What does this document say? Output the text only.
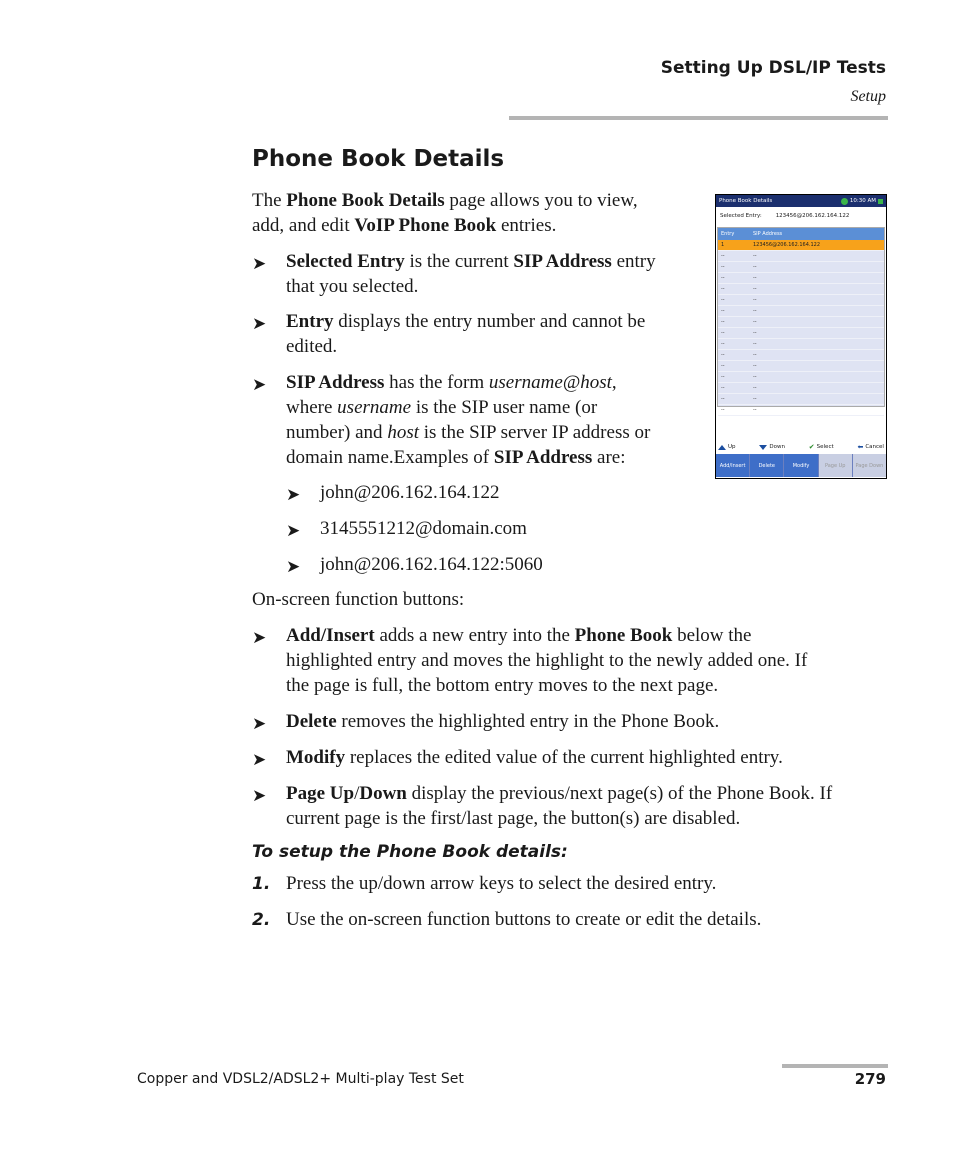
Setting Up DSL/IP Tests
Setup
Phone Book Details

The Phone Book Details page allows you to view,

add, and edit VoIP Phone Book entries.

➤ Selected Entry is the current SIP Address entry

that you selected.

➤ Entry displays the entry number and cannot be

edited.

➤ SIP Address has the form username@host,

where username is the SIP user name (or

number) and host is the SIP server IP address or

domain name.Examples of SIP Address are:

➤ john@206.162.164.122

➤ 3145551212@domain.com

➤ john@206.162.164.122:5060

On-screen function buttons:

➤ Add/Insert adds a new entry into the Phone Book below the

highlighted entry and moves the highlight to the newly added one. If

the page is full, the bottom entry moves to the next page.

➤ Delete removes the highlighted entry in the Phone Book.

➤ Modify replaces the edited value of the current highlighted entry.

➤ Page Up/Down display the previous/next page(s) of the Phone Book. If

current page is the first/last page, the button(s) are disabled.

To setup the Phone Book details:
1. Press the up/down arrow keys to select the desired entry.

2. Use the on-screen function buttons to create or edit the details.

Phone Book Details	10:30 AM
Selected Entry:	123456@206.162.164.122
Entry	SIP Address
1	123456@206.162.164.122
--	--
--	--
--	--
--	--
--	--
--	--
--	--
--	--
--	--
--	--
--	--
--	--
--	--
--	--
--	--
Up	Down	✔ Select	⬅ Cancel
Add/Insert	Delete	Modify	Page Up	Page Down
Copper and VDSL2/ADSL2+ Multi-play Test Set	279
